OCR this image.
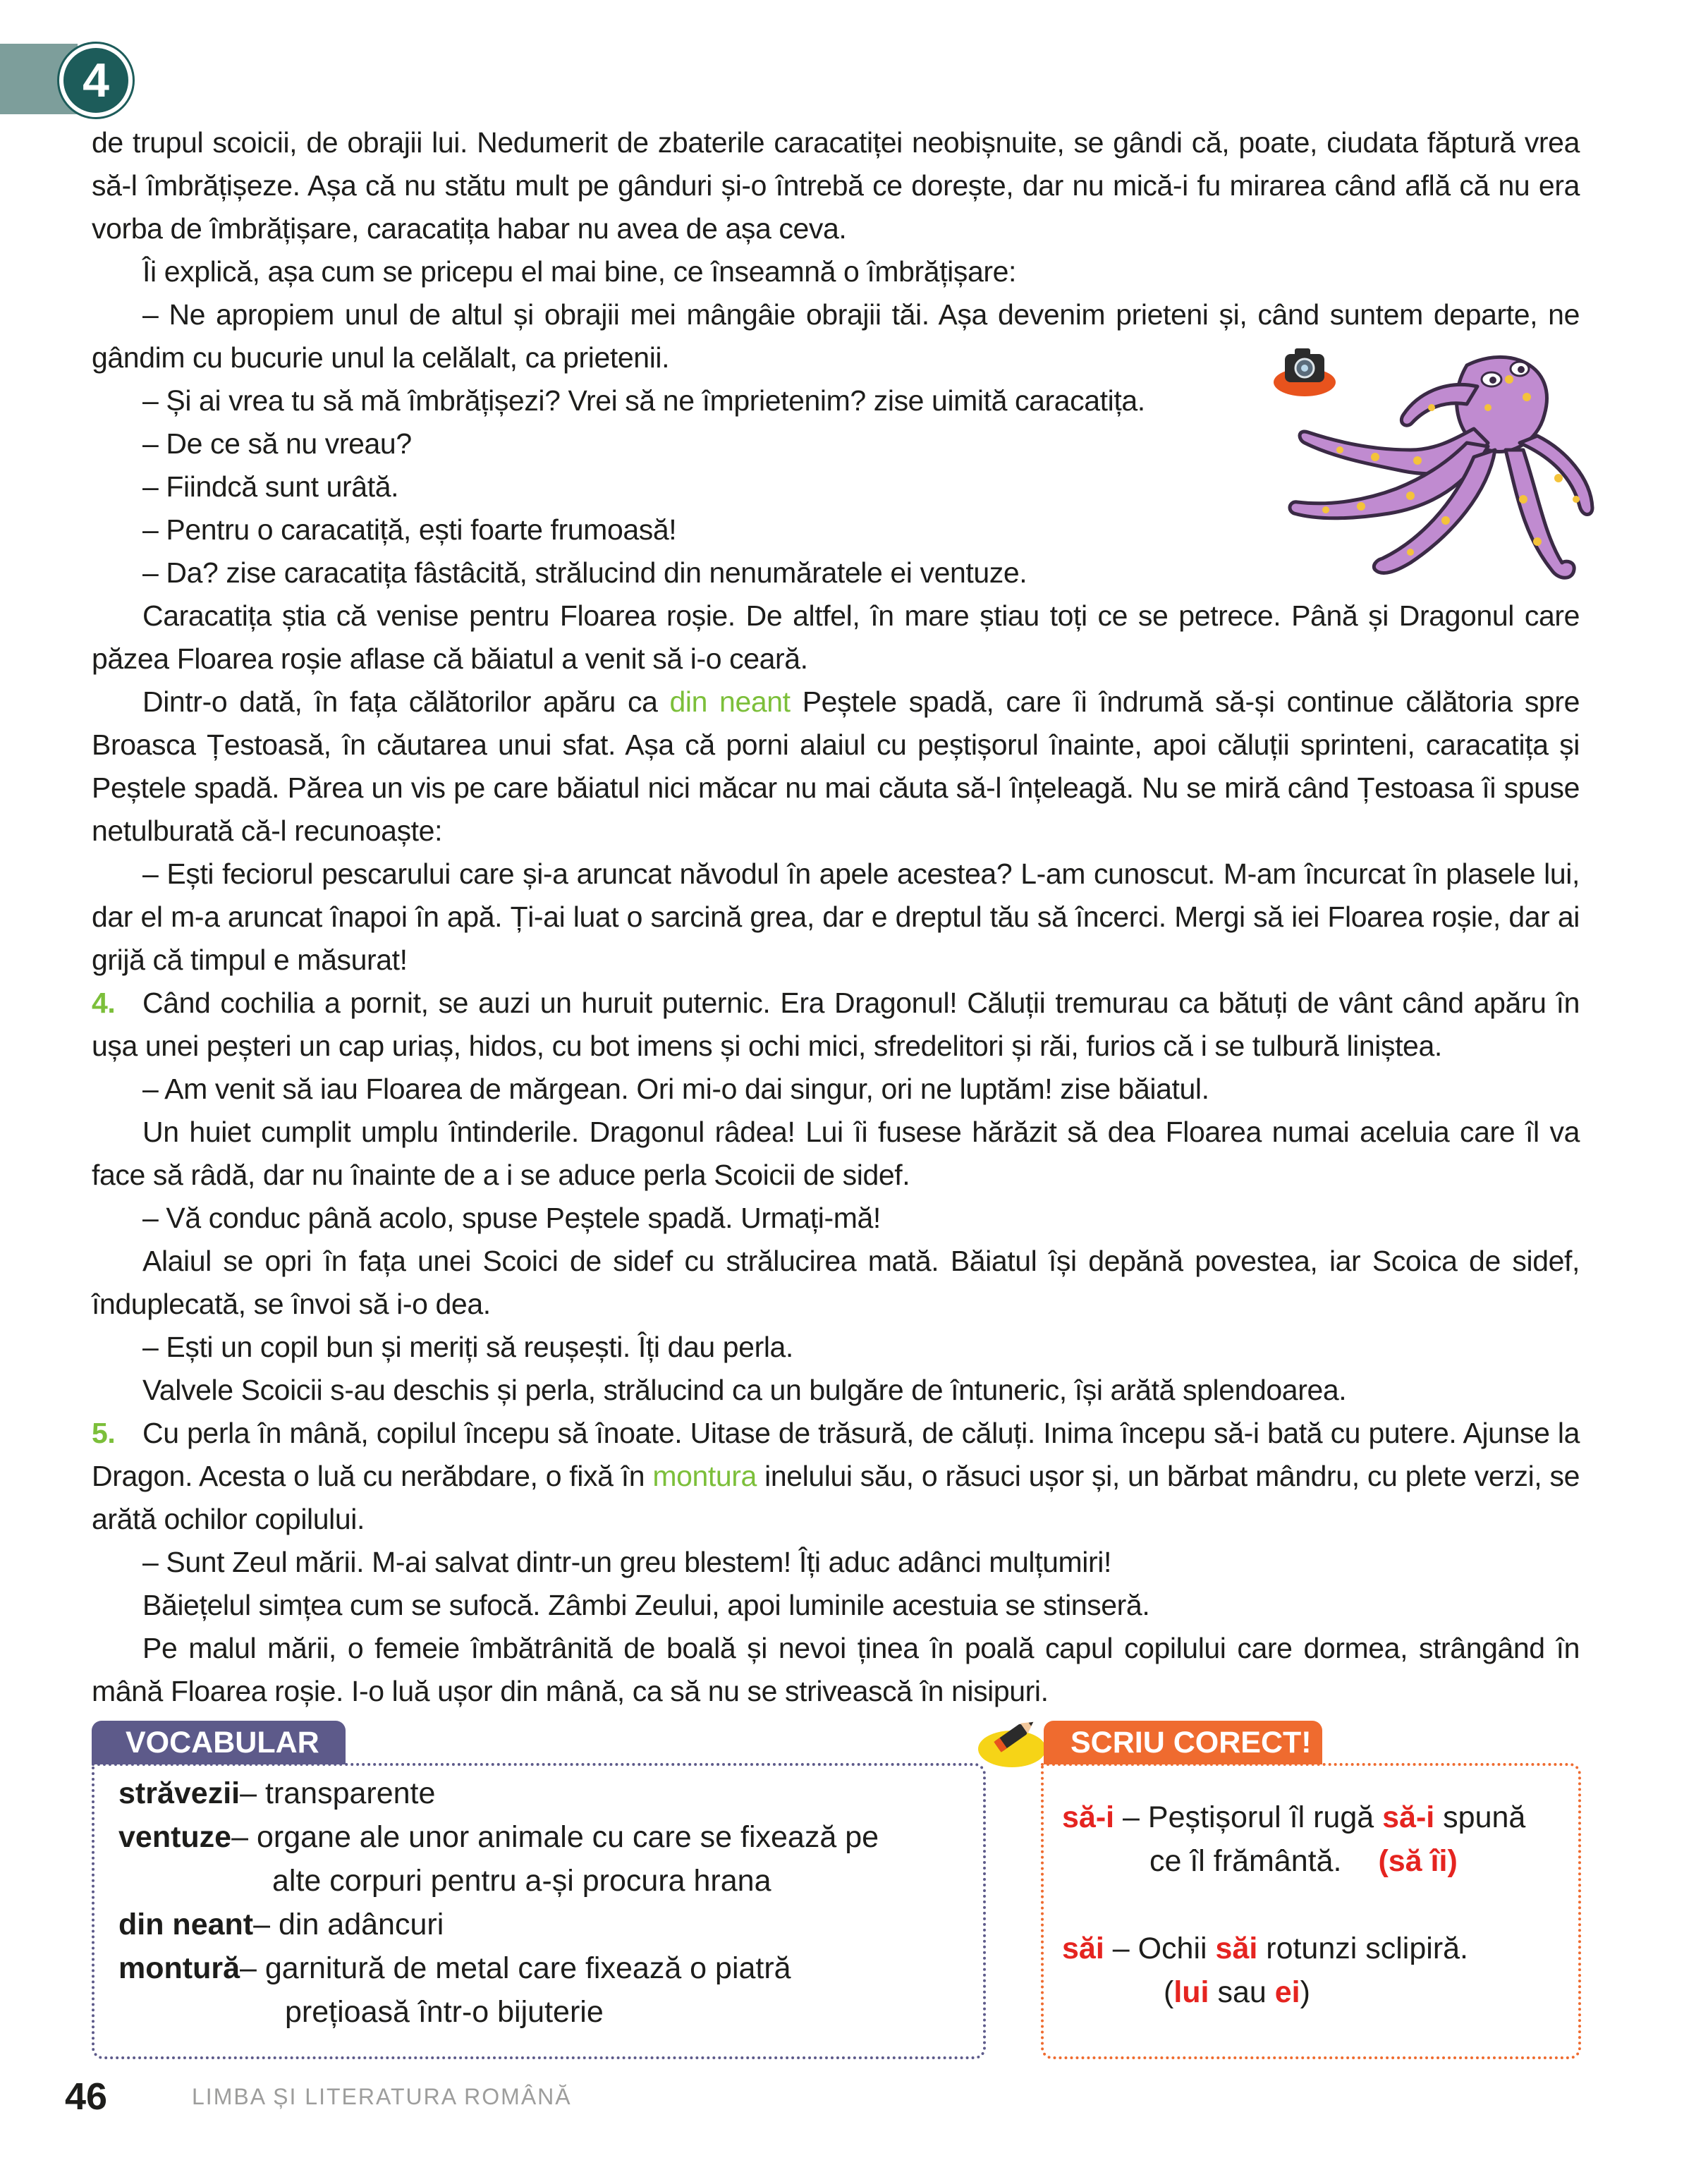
4

de trupul scoicii, de obrajii lui. Nedumerit de zbaterile caracatiței neobișnuite, se gândi că, poate, ciudata făptură vrea să-l îmbrățișeze. Așa că nu stătu mult pe gânduri și-o întrebă ce dorește, dar nu mică-i fu mirarea când află că nu era vorba de îmbrățișare, caracatița habar nu avea de așa ceva.

Îi explică, așa cum se pricepu el mai bine, ce înseamnă o îmbrățișare:

– Ne apropiem unul de altul și obrajii mei mângâie obrajii tăi. Așa devenim prieteni și, când suntem departe, ne gândim cu bucurie unul la celălalt, ca prietenii.

– Și ai vrea tu să mă îmbrățișezi? Vrei să ne împrietenim? zise uimită caracatița.

– De ce să nu vreau?

– Fiindcă sunt urâtă.

– Pentru o caracatiță, ești foarte frumoasă!

– Da? zise caracatița fâstâcită, strălucind din nenumăratele ei ventuze.

Caracatița știa că venise pentru Floarea roșie. De altfel, în mare știau toți ce se petrece. Până și Dragonul care păzea Floarea roșie aflase că băiatul a venit să i-o ceară.

Dintr-o dată, în fața călătorilor apăru ca din neant Peștele spadă, care îi îndrumă să-și continue călătoria spre Broasca Țestoasă, în căutarea unui sfat. Așa că porni alaiul cu peștișorul înainte, apoi căluții sprinteni, caracatița și Peștele spadă. Părea un vis pe care băiatul nici măcar nu mai căuta să-l înțeleagă. Nu se miră când Țestoasa îi spuse netulburată că-l recunoaște:

– Ești feciorul pescarului care și-a aruncat năvodul în apele acestea? L-am cunoscut. M-am încurcat în plasele lui, dar el m-a aruncat înapoi în apă. Ți-ai luat o sarcină grea, dar e dreptul tău să încerci. Mergi să iei Floarea roșie, dar ai grijă că timpul e măsurat!

4. Când cochilia a pornit, se auzi un huruit puternic. Era Dragonul! Căluții tremurau ca bătuți de vânt când apăru în ușa unei peșteri un cap uriaș, hidos, cu bot imens și ochi mici, sfredelitori și răi, furios că i se tulbură liniștea.

– Am venit să iau Floarea de mărgean. Ori mi-o dai singur, ori ne luptăm! zise băiatul.

Un huiet cumplit umplu întinderile. Dragonul râdea! Lui îi fusese hărăzit să dea Floarea numai aceluia care îl va face să râdă, dar nu înainte de a i se aduce perla Scoicii de sidef.

– Vă conduc până acolo, spuse Peștele spadă. Urmați-mă!

Alaiul se opri în fața unei Scoici de sidef cu strălucirea mată. Băiatul își depănă povestea, iar Scoica de sidef, înduplecată, se învoi să i-o dea.

– Ești un copil bun și meriți să reușești. Îți dau perla.

Valvele Scoicii s-au deschis și perla, strălucind ca un bulgăre de întuneric, își arătă splendoarea.

5. Cu perla în mână, copilul începu să înoate. Uitase de trăsură, de căluți. Inima începu să-i bată cu putere. Ajunse la Dragon. Acesta o luă cu nerăbdare, o fixă în montura inelului său, o răsuci ușor și, un bărbat mândru, cu plete verzi, se arătă ochilor copilului.

– Sunt Zeul mării. M-ai salvat dintr-un greu blestem! Îți aduc adânci mulțumiri!

Băiețelul simțea cum se sufocă. Zâmbi Zeului, apoi luminile acestuia se stinseră.

Pe malul mării, o femeie îmbătrânită de boală și nevoi ținea în poală capul copilului care dormea, strângând în mână Floarea roșie. I-o luă ușor din mână, ca să nu se strivească în nisipuri.

VOCABULAR
străvezii – transparente
ventuze – organe ale unor animale cu care se fixează pe
alte corpuri pentru a-și procura hrana
din neant – din adâncuri
montură – garnitură de metal care fixează o piatră
prețioasă într-o bijuterie
SCRIU CORECT!
să-i – Peștișorul îl rugă să-i spună
ce îl frământă. (să îi)
săi – Ochii săi rotunzi sclipiră.
(lui sau ei)
46	LIMBA ȘI LITERATURA ROMÂNĂ
